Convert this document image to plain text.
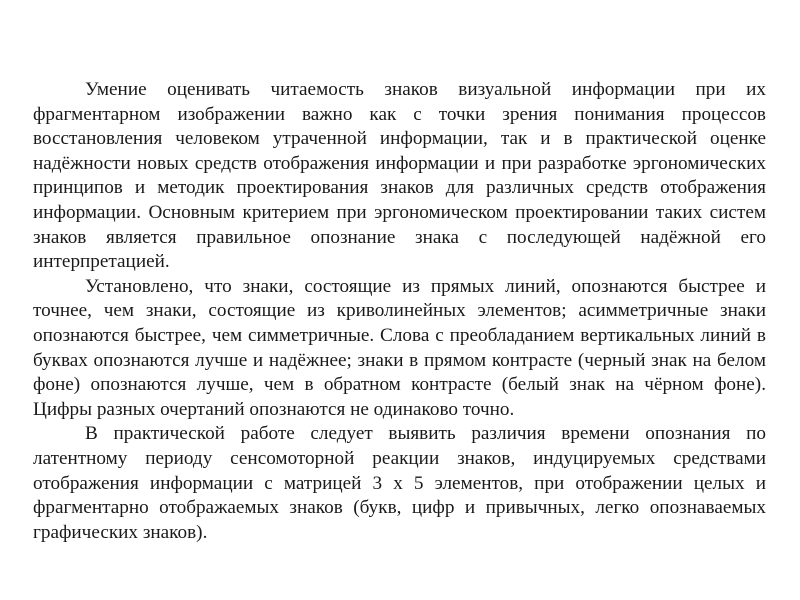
Умение оценивать читаемость знаков визуальной информации при их фрагментарном изображении важно как с точки зрения понимания процессов восстановления человеком утраченной информации, так и в практической оценке надёжности новых средств отображения информации и при разработке эргономических принципов и методик проектирования знаков для различных средств отображения информации. Основным критерием при эргономическом проектировании таких систем знаков является правильное опознание знака с последующей надёжной его интерпретацией.

Установлено, что знаки, состоящие из прямых линий, опознаются быстрее и точнее, чем знаки, состоящие из криволинейных элементов; асимметричные знаки опознаются быстрее, чем симметричные. Слова с преобладанием вертикальных линий в буквах опознаются лучше и надёжнее; знаки в прямом контрасте (черный знак на белом фоне) опознаются лучше, чем в обратном контрасте (белый знак на чёрном фоне). Цифры разных очертаний опознаются не одинаково точно.

В практической работе следует выявить различия времени опознания по латентному периоду сенсомоторной реакции знаков, индуцируемых средствами отображения информации с матрицей 3 х 5 элементов, при отображении целых и фрагментарно отображаемых знаков (букв, цифр и привычных, легко опознаваемых графических знаков).
